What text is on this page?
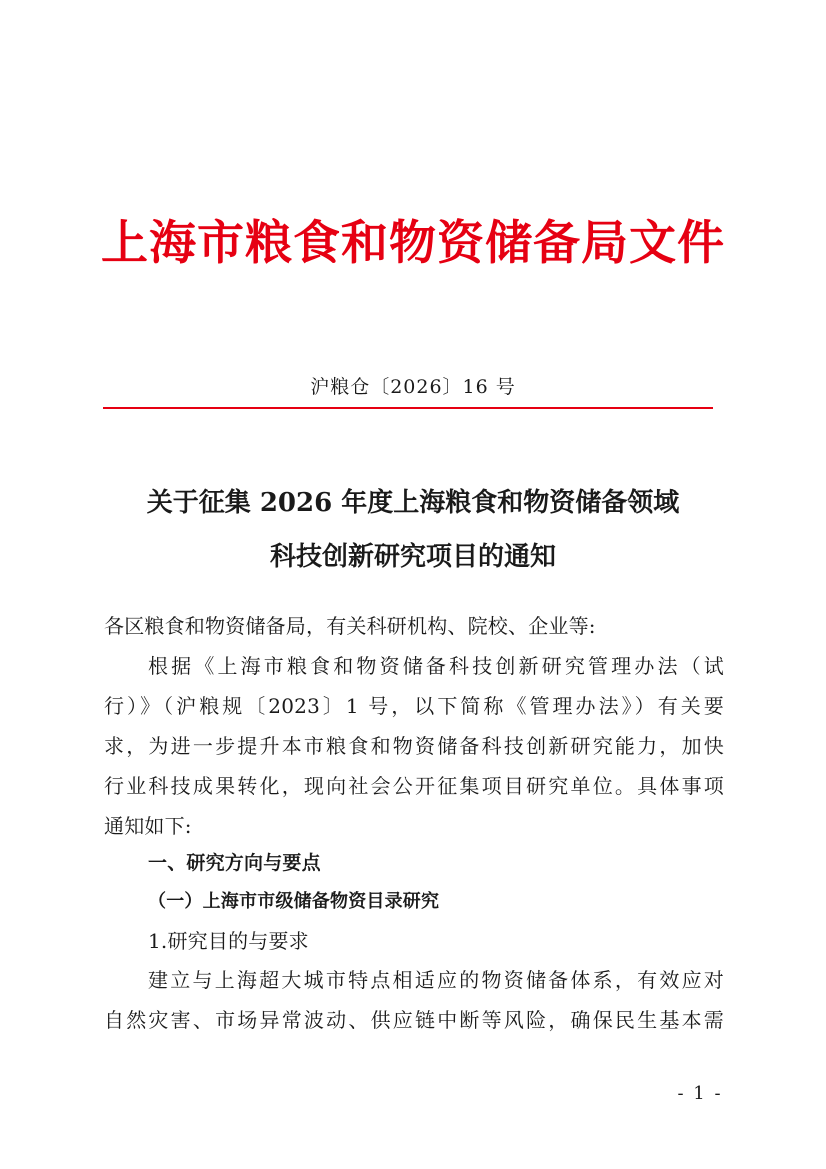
上海市粮食和物资储备局文件
沪粮仓〔2026〕16 号
关于征集 2026 年度上海粮食和物资储备领域
科技创新研究项目的通知
各区粮食和物资储备局，有关科研机构、院校、企业等:
根据《上海市粮食和物资储备科技创新研究管理办法（试
行）》（沪粮规〔2023〕1 号，以下简称《管理办法》）有关要
求，为进一步提升本市粮食和物资储备科技创新研究能力，加快
行业科技成果转化，现向社会公开征集项目研究单位。具体事项
通知如下:
一、研究方向与要点
（一）上海市市级储备物资目录研究
1.研究目的与要求
建立与上海超大城市特点相适应的物资储备体系，有效应对
自然灾害、市场异常波动、供应链中断等风险，确保民生基本需
- 1 -
